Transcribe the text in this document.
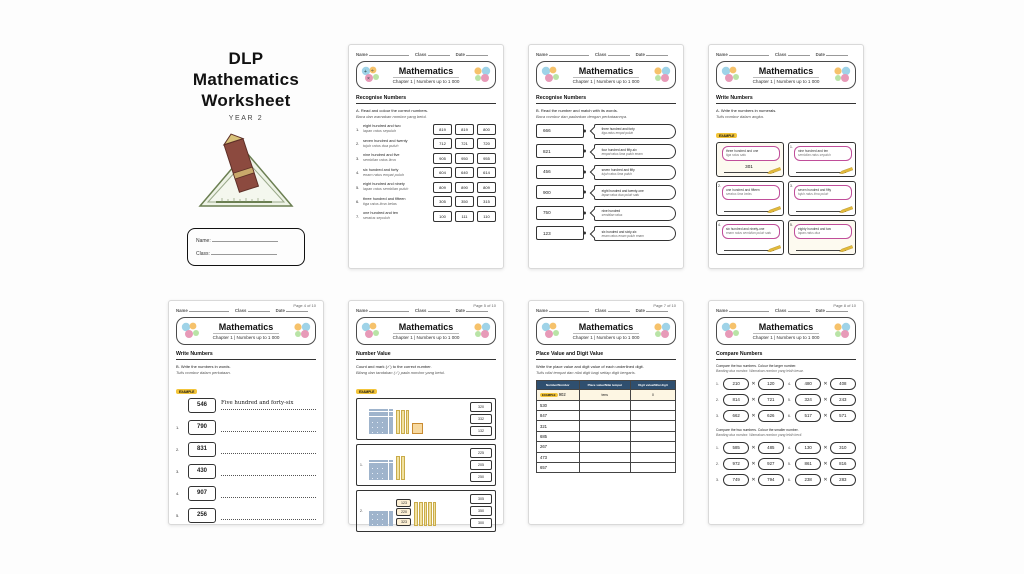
DLP
Mathematics
Worksheet
YEAR 2
Name:
Class:
Name	Class	Date
+ ÷
×
Mathematics
Chapter 1 | Numbers up to 1 000
Recognise Numbers
A. Read and colour the correct numbers.
Baca dan warnakan nombor yang betul.
1.
eight hundred and two
lapan ratus sepuluh	819	819	800
2.
seven hundred and twenty
tujuh ratus dua puluh	712	721	720
3.
nine hundred and five
sembilan ratus lima	905	950	955
4.
six hundred and forty
enam ratus empat puluh	604	640	614
5.
eight hundred and ninety
lapan ratus sembilan puluh	809	890	809
6.
three hundred and fifteen
tiga ratus lima belas	305	350	315
7.
one hundred and ten
seratus sepuluh	100	111	110
Name	Class	Date
Mathematics
Chapter 1 | Numbers up to 1 000
Recognise Numbers
B. Read the number and match with its words.
Baca nombor dan padankan dengan perkataannya.
666
821
456
900
750
123
three hundred and forty
tiga ratus empat puluh
four hundred and fifty-six
empat ratus lima puluh enam
seven hundred and fifty
tujuh ratus lima puluh
eight hundred and twenty-one
lapan ratus dua puluh satu
nine hundred
sembilan ratus
six hundred and sixty-six
enam ratus enam puluh enam
Name	Class	Date
Mathematics
Chapter 1 | Numbers up to 1 000
Write Numbers
A. Write the numbers in numerals.
Tulis nombor dalam angka.
EXAMPLE
three hundred and one
tiga ratus satu
301
1.
nine hundred and ten
sembilan ratus sepuluh
2.
one hundred and fifteen
seratus lima belas
3.
seven hundred and fifty
tujuh ratus lima puluh
4.
six hundred and ninety-one
enam ratus sembilan puluh satu
5.
eighty hundred and two
lapan ratus dua
Page 4 of 10
Name	Class	Date
Mathematics
Chapter 1 | Numbers up to 1 000
Write Numbers
B. Write the numbers in words.
Tulis nombor dalam perkataan.
EXAMPLE
546	Five hundred and forty-six
1.	790
2.	831
3.	430
4.	907
5.	256
Page 5 of 10
Name	Class	Date
Mathematics
Chapter 1 | Numbers up to 1 000
Number Value
Count and mark (✓) to the correct number.
Bilang dan tandakan (✓) pada nombor yang betul.
EXAMPLE
320
332
132
1.
225
205
250
2.
123
220
323
305
350
300
Page 7 of 10
Name	Class	Date
Mathematics
Chapter 1 | Numbers up to 1 000
Place Value and Digit Value
Write the place value and digit value of each underlined digit.
Tulis nilai tempat dan nilai digit bagi setiap digit bergaris.
Number/Nombor	Place value/Nilai tempat	Digit value/Nilai digit
EXAMPLE 902	tens	0
530		
847		
321		
685		
267		
473		
657		
Page 8 of 10
Name	Class	Date
Mathematics
Chapter 1 | Numbers up to 1 000
Compare Numbers
Compare the two numbers. Colour the larger number.
Banding dua nombor. Warnakan nombor yang lebih besar.
1.	210	✕	120	4.	480	✕	408
2.	814	✕	721	5.	324	✕	243
3.	662	✕	626	6.	517	✕	571
Compare the two numbers. Colour the smaller number.
Banding dua nombor. Warnakan nombor yang lebih kecil.
1.	585	✕	485	4.	130	✕	310
2.	972	✕	927	5.	861	✕	816
3.	749	✕	794	6.	238	✕	283
